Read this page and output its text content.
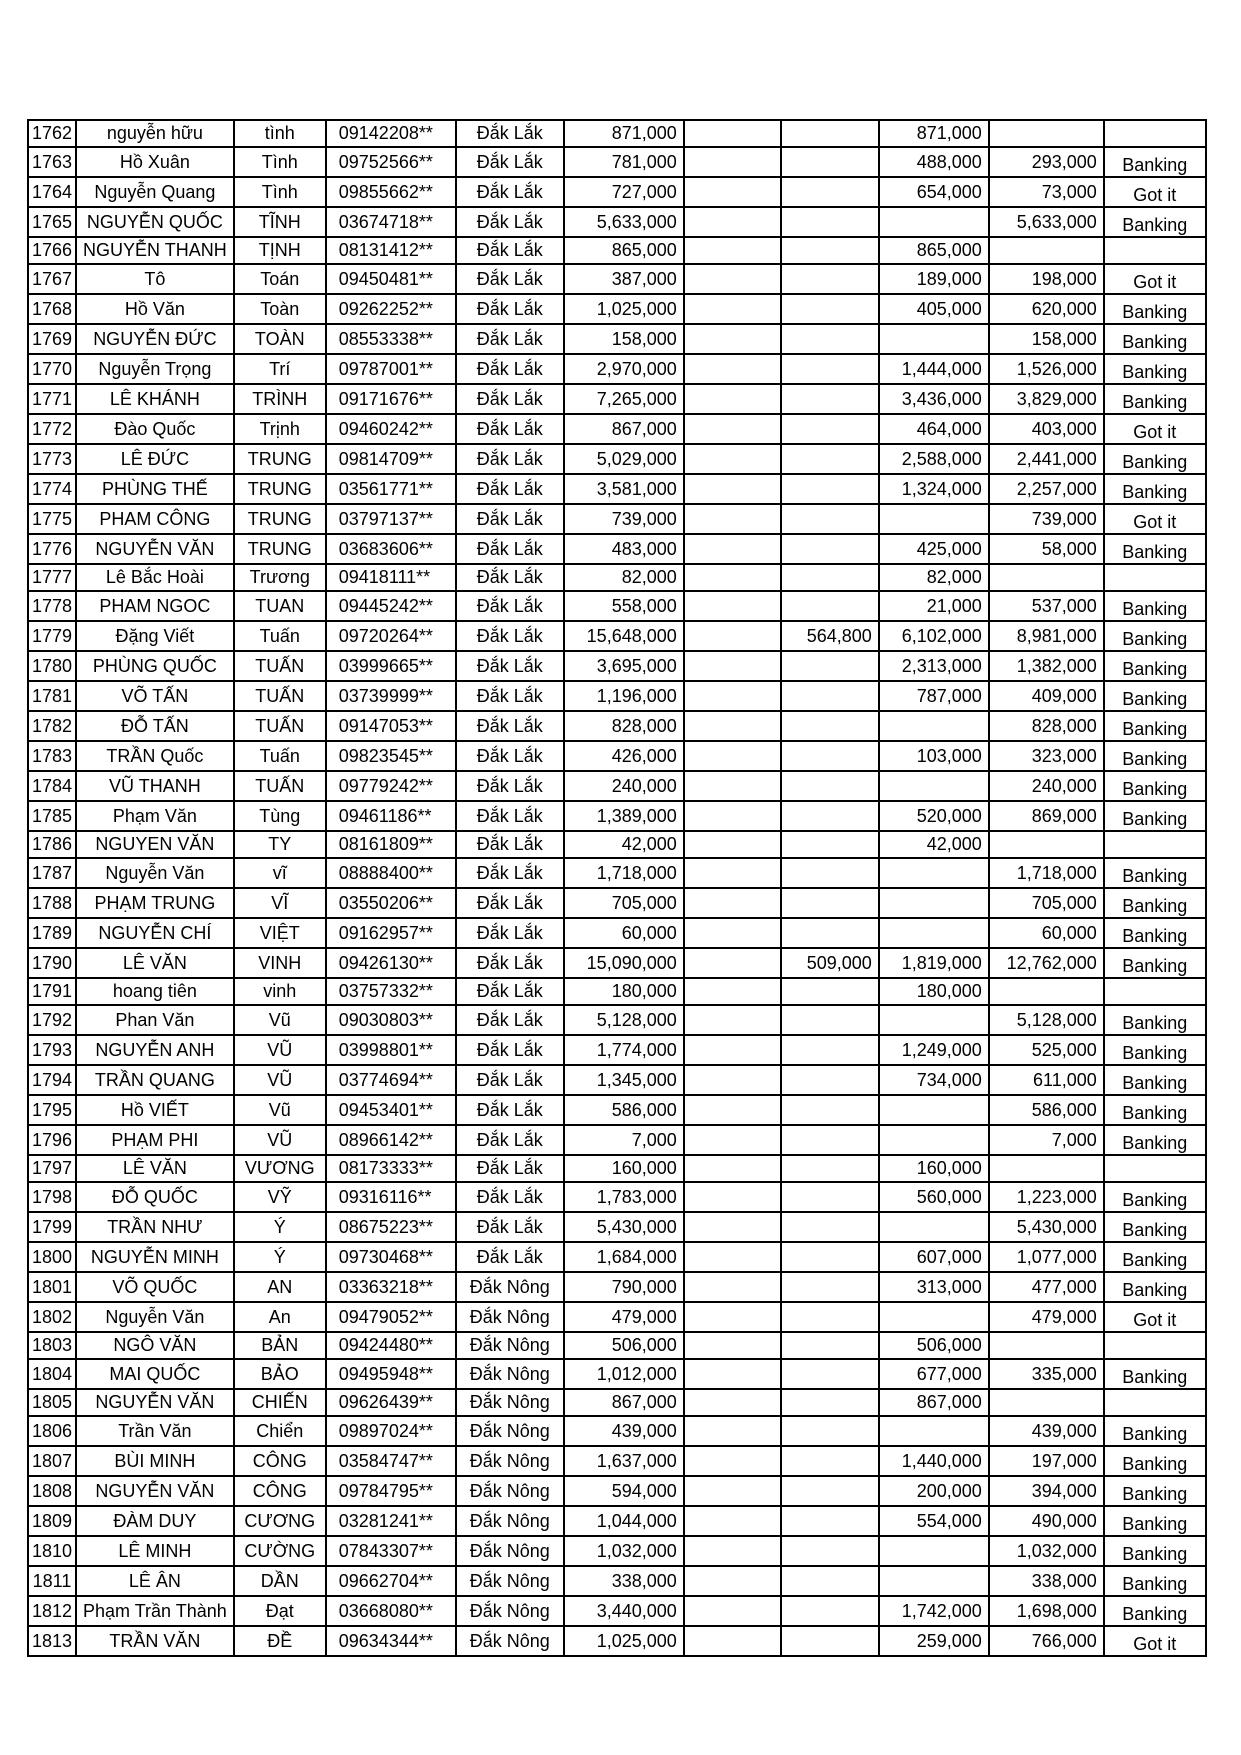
1762	nguyễn hữu	tình	09142208**	Đắk Lắk	871,000			871,000		
1763	Hồ Xuân	Tình	09752566**	Đắk Lắk	781,000			488,000	293,000	Banking
1764	Nguyễn Quang	Tình	09855662**	Đắk Lắk	727,000			654,000	73,000	Got it
1765	NGUYỄN QUỐC	TĨNH	03674718**	Đắk Lắk	5,633,000				5,633,000	Banking
1766	NGUYỄN THANH	TỊNH	08131412**	Đắk Lắk	865,000			865,000		
1767	Tô	Toán	09450481**	Đắk Lắk	387,000			189,000	198,000	Got it
1768	Hồ Văn	Toàn	09262252**	Đắk Lắk	1,025,000			405,000	620,000	Banking
1769	NGUYỄN ĐỨC	TOÀN	08553338**	Đắk Lắk	158,000				158,000	Banking
1770	Nguyễn Trọng	Trí	09787001**	Đắk Lắk	2,970,000			1,444,000	1,526,000	Banking
1771	LÊ KHÁNH	TRÌNH	09171676**	Đắk Lắk	7,265,000			3,436,000	3,829,000	Banking
1772	Đào Quốc	Trịnh	09460242**	Đắk Lắk	867,000			464,000	403,000	Got it
1773	LÊ ĐỨC	TRUNG	09814709**	Đắk Lắk	5,029,000			2,588,000	2,441,000	Banking
1774	PHÙNG THẾ	TRUNG	03561771**	Đắk Lắk	3,581,000			1,324,000	2,257,000	Banking
1775	PHAM CÔNG	TRUNG	03797137**	Đắk Lắk	739,000				739,000	Got it
1776	NGUYỄN VĂN	TRUNG	03683606**	Đắk Lắk	483,000			425,000	58,000	Banking
1777	Lê Bắc Hoài	Trương	09418111**	Đắk Lắk	82,000			82,000		
1778	PHAM NGOC	TUAN	09445242**	Đắk Lắk	558,000			21,000	537,000	Banking
1779	Đặng Viết	Tuấn	09720264**	Đắk Lắk	15,648,000		564,800	6,102,000	8,981,000	Banking
1780	PHÙNG QUỐC	TUẤN	03999665**	Đắk Lắk	3,695,000			2,313,000	1,382,000	Banking
1781	VÕ TẤN	TUẤN	03739999**	Đắk Lắk	1,196,000			787,000	409,000	Banking
1782	ĐỖ TẤN	TUẤN	09147053**	Đắk Lắk	828,000				828,000	Banking
1783	TRẦN Quốc	Tuấn	09823545**	Đắk Lắk	426,000			103,000	323,000	Banking
1784	VŨ THANH	TUẤN	09779242**	Đắk Lắk	240,000				240,000	Banking
1785	Phạm Văn	Tùng	09461186**	Đắk Lắk	1,389,000			520,000	869,000	Banking
1786	NGUYEN VĂN	TY	08161809**	Đắk Lắk	42,000			42,000		
1787	Nguyễn Văn	vĩ	08888400**	Đắk Lắk	1,718,000				1,718,000	Banking
1788	PHẠM TRUNG	VĨ	03550206**	Đắk Lắk	705,000				705,000	Banking
1789	NGUYỄN CHÍ	VIỆT	09162957**	Đắk Lắk	60,000				60,000	Banking
1790	LÊ VĂN	VINH	09426130**	Đắk Lắk	15,090,000		509,000	1,819,000	12,762,000	Banking
1791	hoang tiên	vinh	03757332**	Đắk Lắk	180,000			180,000		
1792	Phan Văn	Vũ	09030803**	Đắk Lắk	5,128,000				5,128,000	Banking
1793	NGUYỄN ANH	VŨ	03998801**	Đắk Lắk	1,774,000			1,249,000	525,000	Banking
1794	TRẦN QUANG	VŨ	03774694**	Đắk Lắk	1,345,000			734,000	611,000	Banking
1795	Hồ VIẾT	Vũ	09453401**	Đắk Lắk	586,000				586,000	Banking
1796	PHẠM PHI	VŨ	08966142**	Đắk Lắk	7,000				7,000	Banking
1797	LÊ VĂN	VƯƠNG	08173333**	Đắk Lắk	160,000			160,000		
1798	ĐỖ QUỐC	VỸ	09316116**	Đắk Lắk	1,783,000			560,000	1,223,000	Banking
1799	TRẦN NHƯ	Ý	08675223**	Đắk Lắk	5,430,000				5,430,000	Banking
1800	NGUYỄN MINH	Ý	09730468**	Đắk Lắk	1,684,000			607,000	1,077,000	Banking
1801	VÕ QUỐC	AN	03363218**	Đắk Nông	790,000			313,000	477,000	Banking
1802	Nguyễn Văn	An	09479052**	Đắk Nông	479,000				479,000	Got it
1803	NGÔ VĂN	BẢN	09424480**	Đắk Nông	506,000			506,000		
1804	MAI QUỐC	BẢO	09495948**	Đắk Nông	1,012,000			677,000	335,000	Banking
1805	NGUYỄN VĂN	CHIẾN	09626439**	Đắk Nông	867,000			867,000		
1806	Trần Văn	Chiển	09897024**	Đắk Nông	439,000				439,000	Banking
1807	BÙI MINH	CÔNG	03584747**	Đắk Nông	1,637,000			1,440,000	197,000	Banking
1808	NGUYỄN VĂN	CÔNG	09784795**	Đắk Nông	594,000			200,000	394,000	Banking
1809	ĐÀM DUY	CƯƠNG	03281241**	Đắk Nông	1,044,000			554,000	490,000	Banking
1810	LÊ MINH	CƯỜNG	07843307**	Đắk Nông	1,032,000				1,032,000	Banking
1811	LÊ ÂN	DẦN	09662704**	Đắk Nông	338,000				338,000	Banking
1812	Phạm Trần Thành	Đạt	03668080**	Đắk Nông	3,440,000			1,742,000	1,698,000	Banking
1813	TRẦN VĂN	ĐỀ	09634344**	Đắk Nông	1,025,000			259,000	766,000	Got it
